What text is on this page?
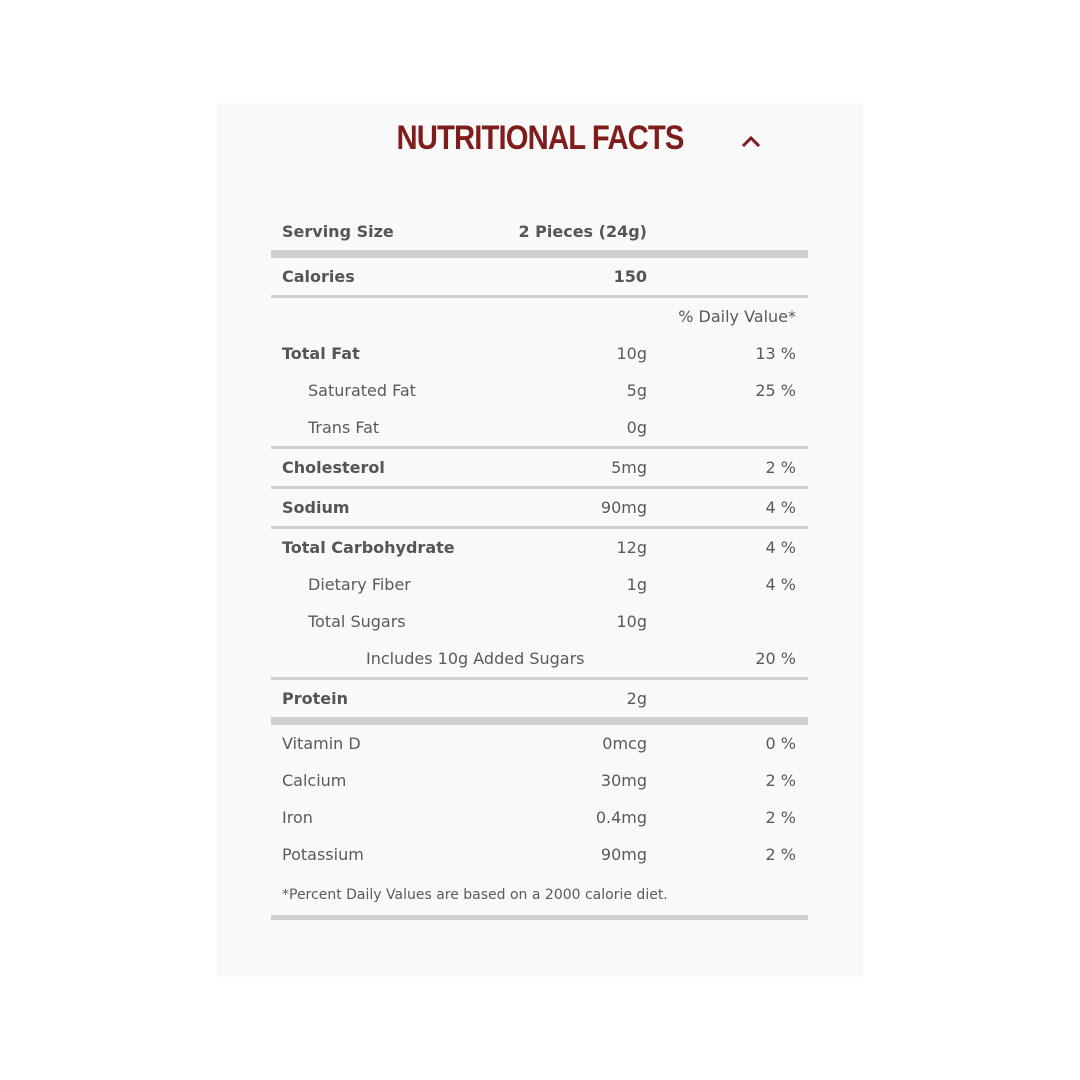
NUTRITIONAL FACTS
Serving Size	2 Pieces (24g)
Calories	150
% Daily Value*
Total Fat	10g	13 %
Saturated Fat	5g	25 %
Trans Fat	0g
Cholesterol	5mg	2 %
Sodium	90mg	4 %
Total Carbohydrate	12g	4 %
Dietary Fiber	1g	4 %
Total Sugars	10g
Includes 10g Added Sugars	20 %
Protein	2g
Vitamin D	0mcg	0 %
Calcium	30mg	2 %
Iron	0.4mg	2 %
Potassium	90mg	2 %
*Percent Daily Values are based on a 2000 calorie diet.
